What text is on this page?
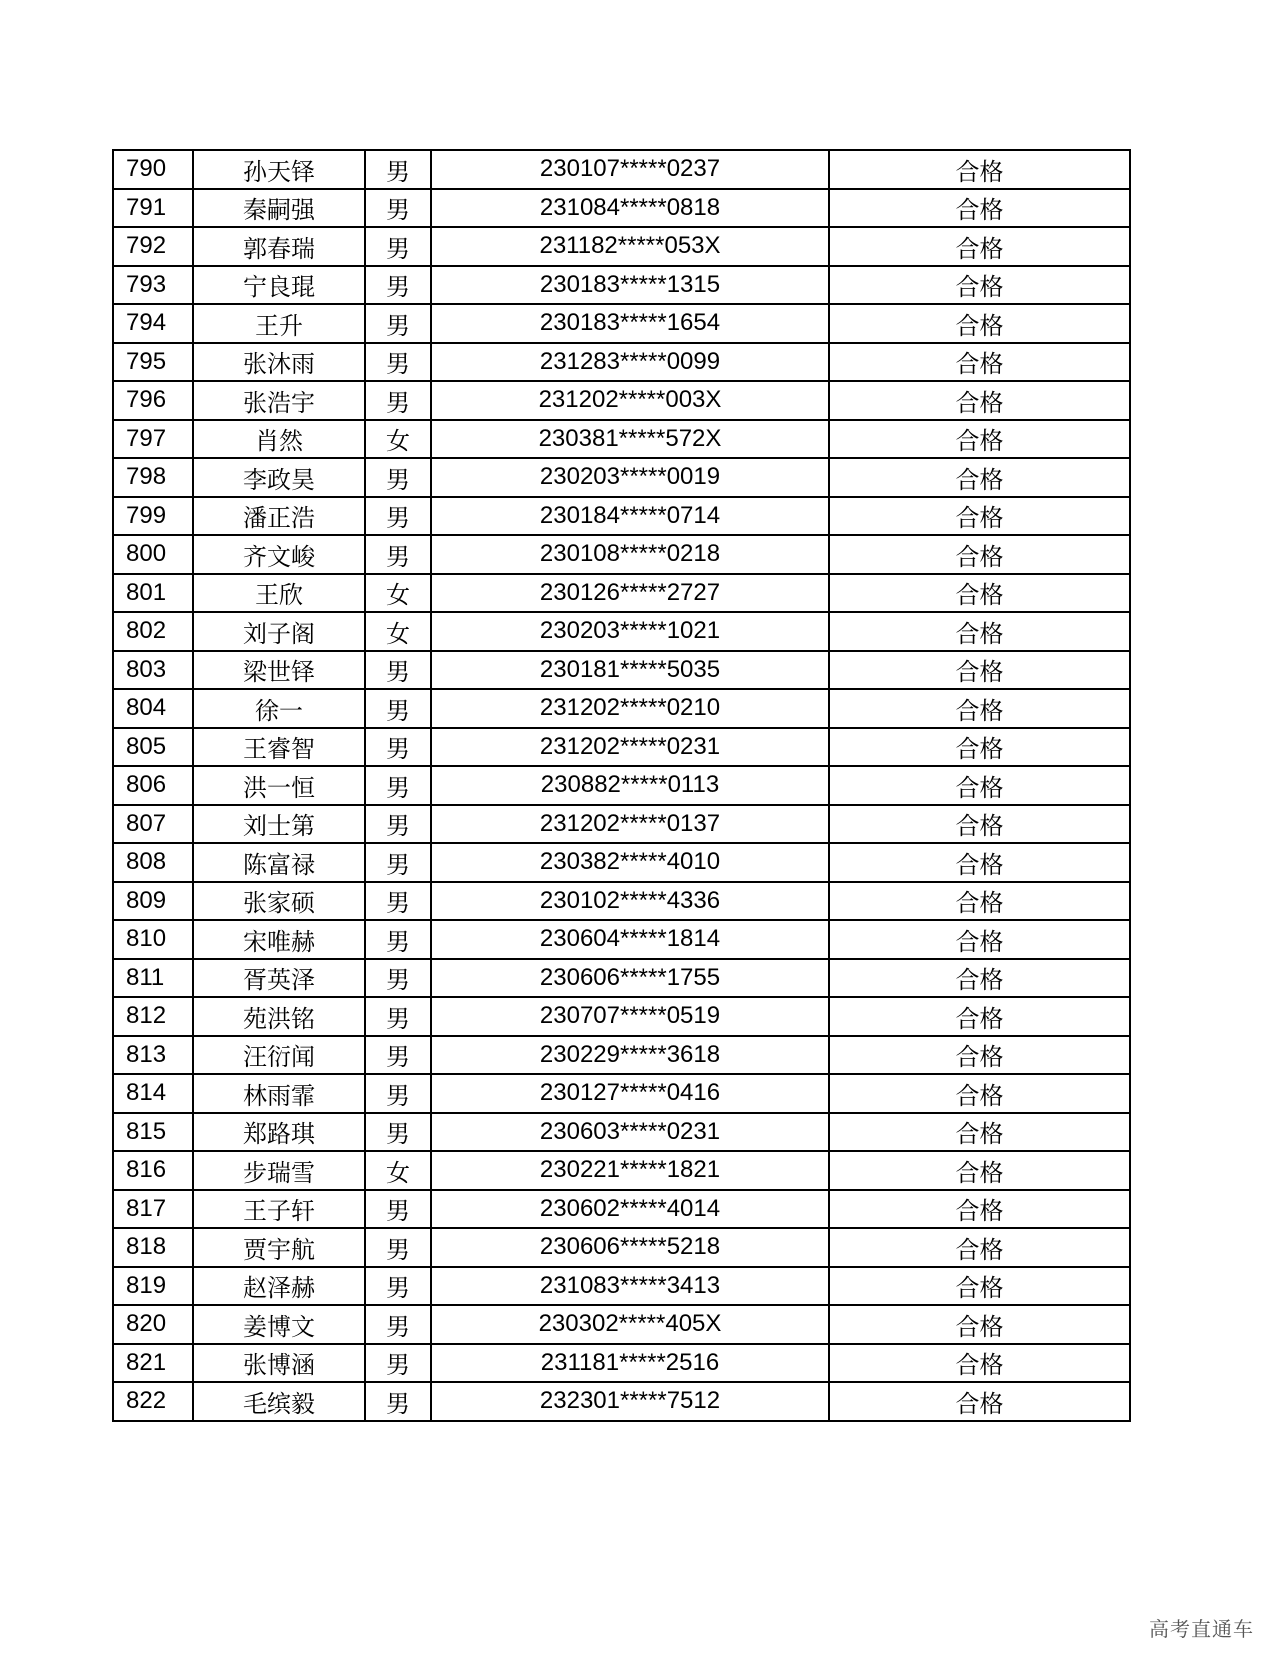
790	孙天铎	男	230107*****0237	合格
791	秦嗣强	男	231084*****0818	合格
792	郭春瑞	男	231182*****053X	合格
793	宁良琨	男	230183*****1315	合格
794	王升	男	230183*****1654	合格
795	张沐雨	男	231283*****0099	合格
796	张浩宇	男	231202*****003X	合格
797	肖然	女	230381*****572X	合格
798	李政昊	男	230203*****0019	合格
799	潘正浩	男	230184*****0714	合格
800	齐文峻	男	230108*****0218	合格
801	王欣	女	230126*****2727	合格
802	刘子阁	女	230203*****1021	合格
803	梁世铎	男	230181*****5035	合格
804	徐一	男	231202*****0210	合格
805	王睿智	男	231202*****0231	合格
806	洪一恒	男	230882*****0113	合格
807	刘士第	男	231202*****0137	合格
808	陈富禄	男	230382*****4010	合格
809	张家硕	男	230102*****4336	合格
810	宋唯赫	男	230604*****1814	合格
811	胥英泽	男	230606*****1755	合格
812	苑洪铭	男	230707*****0519	合格
813	汪衍闻	男	230229*****3618	合格
814	林雨霏	男	230127*****0416	合格
815	郑路琪	男	230603*****0231	合格
816	步瑞雪	女	230221*****1821	合格
817	王子轩	男	230602*****4014	合格
818	贾宇航	男	230606*****5218	合格
819	赵泽赫	男	231083*****3413	合格
820	姜博文	男	230302*****405X	合格
821	张博涵	男	231181*****2516	合格
822	毛缤毅	男	232301*****7512	合格
高考直通车
